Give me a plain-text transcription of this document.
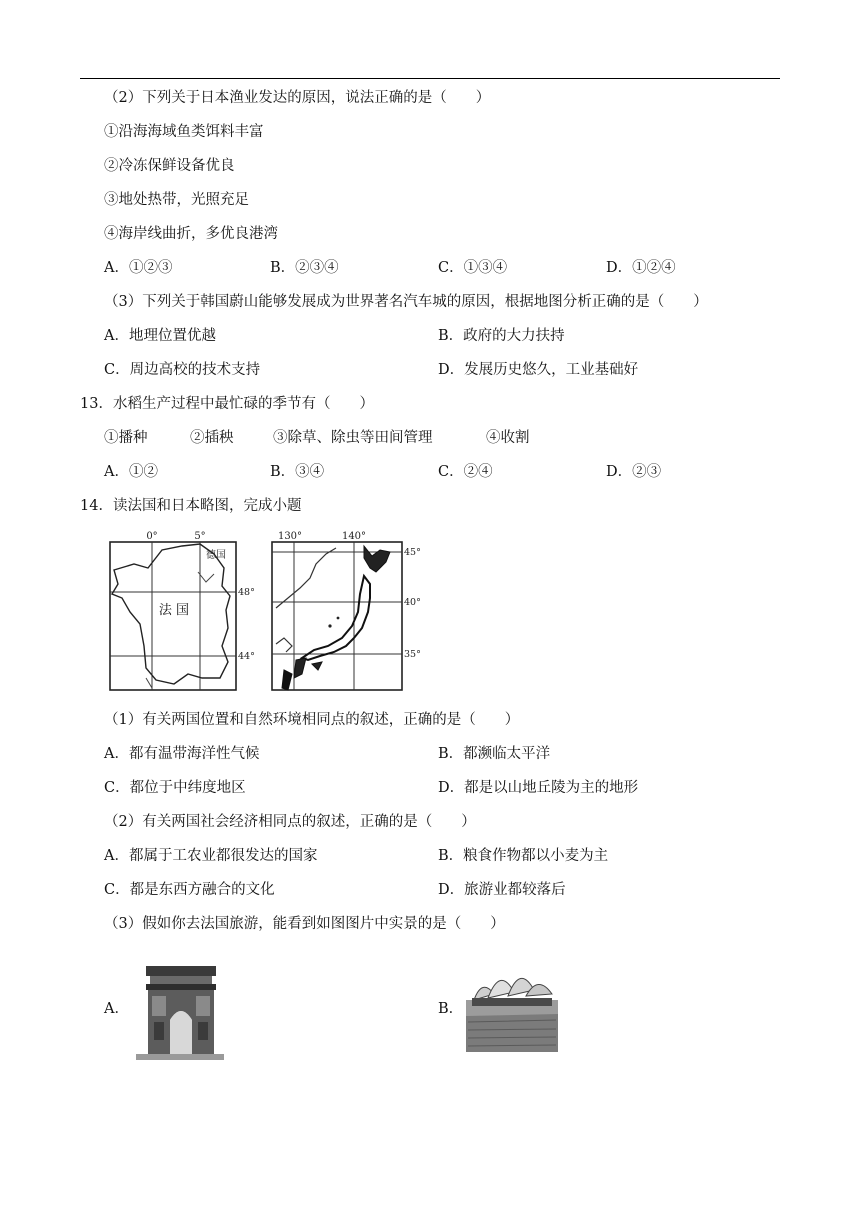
（2）下列关于日本渔业发达的原因，说法正确的是（　　）
①沿海海域鱼类饵料丰富
②冷冻保鲜设备优良
③地处热带，光照充足
④海岸线曲折，多优良港湾
A．①②③	B．②③④	C．①③④	D．①②④
（3）下列关于韩国蔚山能够发展成为世界著名汽车城的原因，根据地图分析正确的是（　　）
A．地理位置优越	B．政府的大力扶持
C．周边高校的技术支持	D．发展历史悠久，工业基础好
13．水稻生产过程中最忙碌的季节有（　　）
①播种	②插秧	③除草、除虫等田间管理	④收割
A．①②	B．③④	C．②④	D．②③
14．读法国和日本略图，完成小题
0°	5°
德国
48°
44°
法 国
130°	140°
45°
40°
35°
（1）有关两国位置和自然环境相同点的叙述，正确的是（　　）
A．都有温带海洋性气候	B．都濒临太平洋
C．都位于中纬度地区	D．都是以山地丘陵为主的地形
（2）有关两国社会经济相同点的叙述，正确的是（　　）
A．都属于工农业都很发达的国家	B．粮食作物都以小麦为主
C．都是东西方融合的文化	D．旅游业都较落后
（3）假如你去法国旅游，能看到如图图片中实景的是（　　）
A．	B．
